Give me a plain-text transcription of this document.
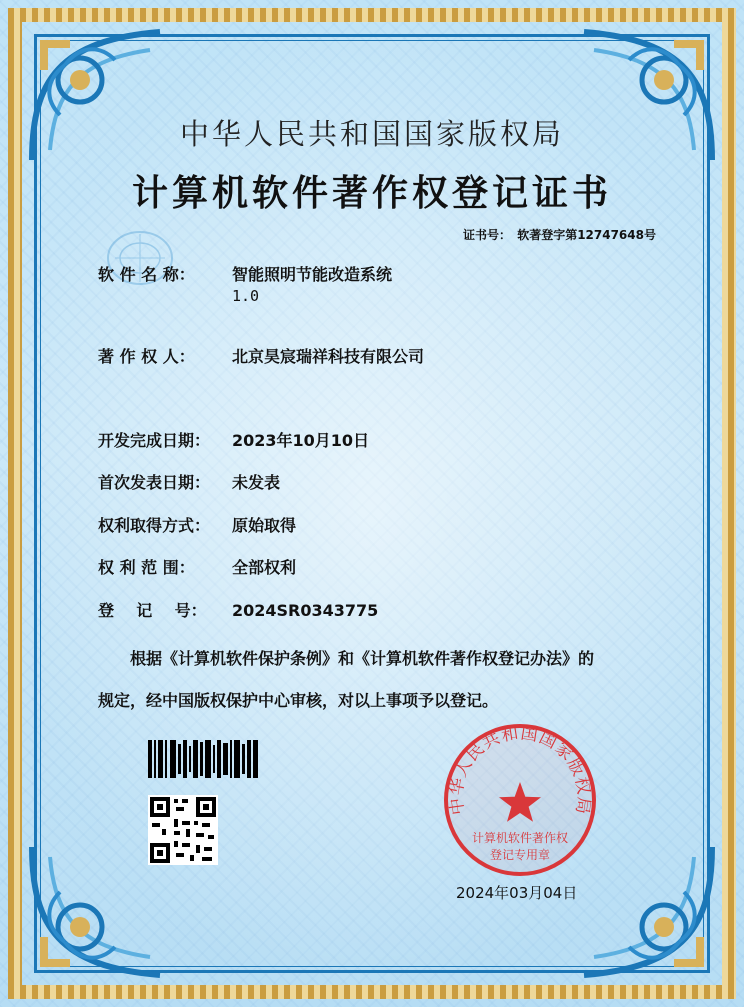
中华人民共和国国家版权局
计算机软件著作权登记证书
证书号： 软著登字第12747648号
软 件 名 称： 智能照明节能改造系统
1.0
著 作 权 人： 北京昊宸瑞祥科技有限公司
开发完成日期： 2023年10月10日
首次发表日期： 未发表
权利取得方式： 原始取得
权 利 范 围： 全部权利
登    记    号： 2024SR0343775
根据《计算机软件保护条例》和《计算机软件著作权登记办法》的
规定，经中国版权保护中心审核，对以上事项予以登记。
中华人民共和国国家版权局
计算机软件著作权
登记专用章
2024年03月04日
